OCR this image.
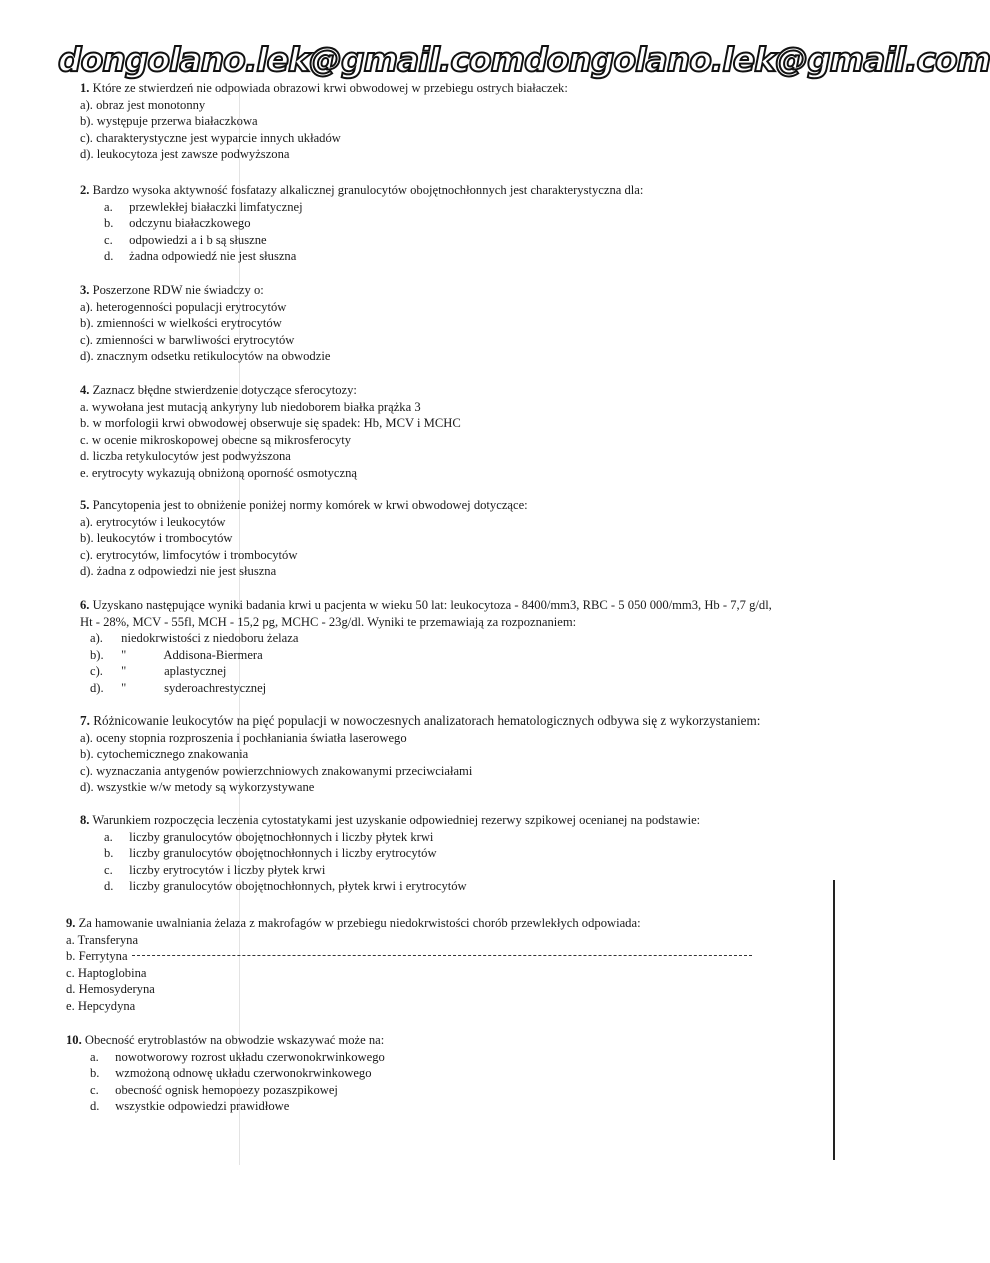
dongolano.lek@gmail.com dongolano.lek@gmail.com

1. Które ze stwierdzeń nie odpowiada obrazowi krwi obwodowej w przebiegu ostrych białaczek:

a). obraz jest monotonny
b). występuje przerwa białaczkowa
c). charakterystyczne jest wyparcie innych układów
d). leukocytoza jest zawsze podwyższona

2. Bardzo wysoka aktywność fosfatazy alkalicznej granulocytów obojętnochłonnych jest charakterystyczna dla:

a. przewlekłej białaczki limfatycznej
b. odczynu białaczkowego
c. odpowiedzi a i b są słuszne
d. żadna odpowiedź nie jest słuszna

3. Poszerzone RDW nie świadczy o:

a). heterogenności populacji erytrocytów
b). zmienności w wielkości erytrocytów
c). zmienności w barwliwości erytrocytów
d). znacznym odsetku retikulocytów na obwodzie

4. Zaznacz błędne stwierdzenie dotyczące sferocytozy:

a. wywołana jest mutacją ankyryny lub niedoborem białka prążka 3
b. w morfologii krwi obwodowej obserwuje się spadek: Hb, MCV i MCHC
c. w ocenie mikroskopowej obecne są mikrosferocyty
d. liczba retykulocytów jest podwyższona
e. erytrocyty wykazują obniżoną oporność osmotyczną

5. Pancytopenia jest to obniżenie poniżej normy komórek w krwi obwodowej dotyczące:

a). erytrocytów i leukocytów
b). leukocytów i trombocytów
c). erytrocytów, limfocytów i trombocytów
d). żadna z odpowiedzi nie jest słuszna

6. Uzyskano następujące wyniki badania krwi u pacjenta w wieku 50 lat: leukocytoza - 8400/mm3, RBC - 5 050 000/mm3, Hb - 7,7 g/dl, Ht - 28%, MCV - 55fl, MCH - 15,2 pg, MCHC - 23g/dl. Wyniki te przemawiają za rozpoznaniem:

a). niedokrwistości z niedoboru żelaza
b). "            Addisona-Biermera
c). "            aplastycznej
d). "            syderoachrestycznej

7. Różnicowanie leukocytów na pięć populacji w nowoczesnych analizatorach hematologicznych odbywa się z wykorzystaniem:

a). oceny stopnia rozproszenia i pochłaniania światła laserowego
b). cytochemicznego znakowania
c). wyznaczania antygenów powierzchniowych znakowanymi przeciwciałami
d). wszystkie w/w metody są wykorzystywane

8. Warunkiem rozpoczęcia leczenia cytostatykami jest uzyskanie odpowiedniej rezerwy szpikowej ocenianej na podstawie:

a. liczby granulocytów obojętnochłonnych i liczby płytek krwi
b. liczby granulocytów obojętnochłonnych i liczby erytrocytów
c. liczby erytrocytów i liczby płytek krwi
d. liczby granulocytów obojętnochłonnych, płytek krwi i erytrocytów

9. Za hamowanie uwalniania żelaza z makrofagów w przebiegu niedokrwistości chorób przewlekłych odpowiada:

a. Transferyna
b. Ferrytyna
c. Haptoglobina
d. Hemosyderyna
e. Hepcydyna

10. Obecność erytroblastów na obwodzie wskazywać może na:

a. nowotworowy rozrost układu czerwonokrwinkowego
b. wzmożoną odnowę układu czerwonokrwinkowego
c. obecność ognisk hemopoezy pozaszpikowej
d. wszystkie odpowiedzi prawidłowe
